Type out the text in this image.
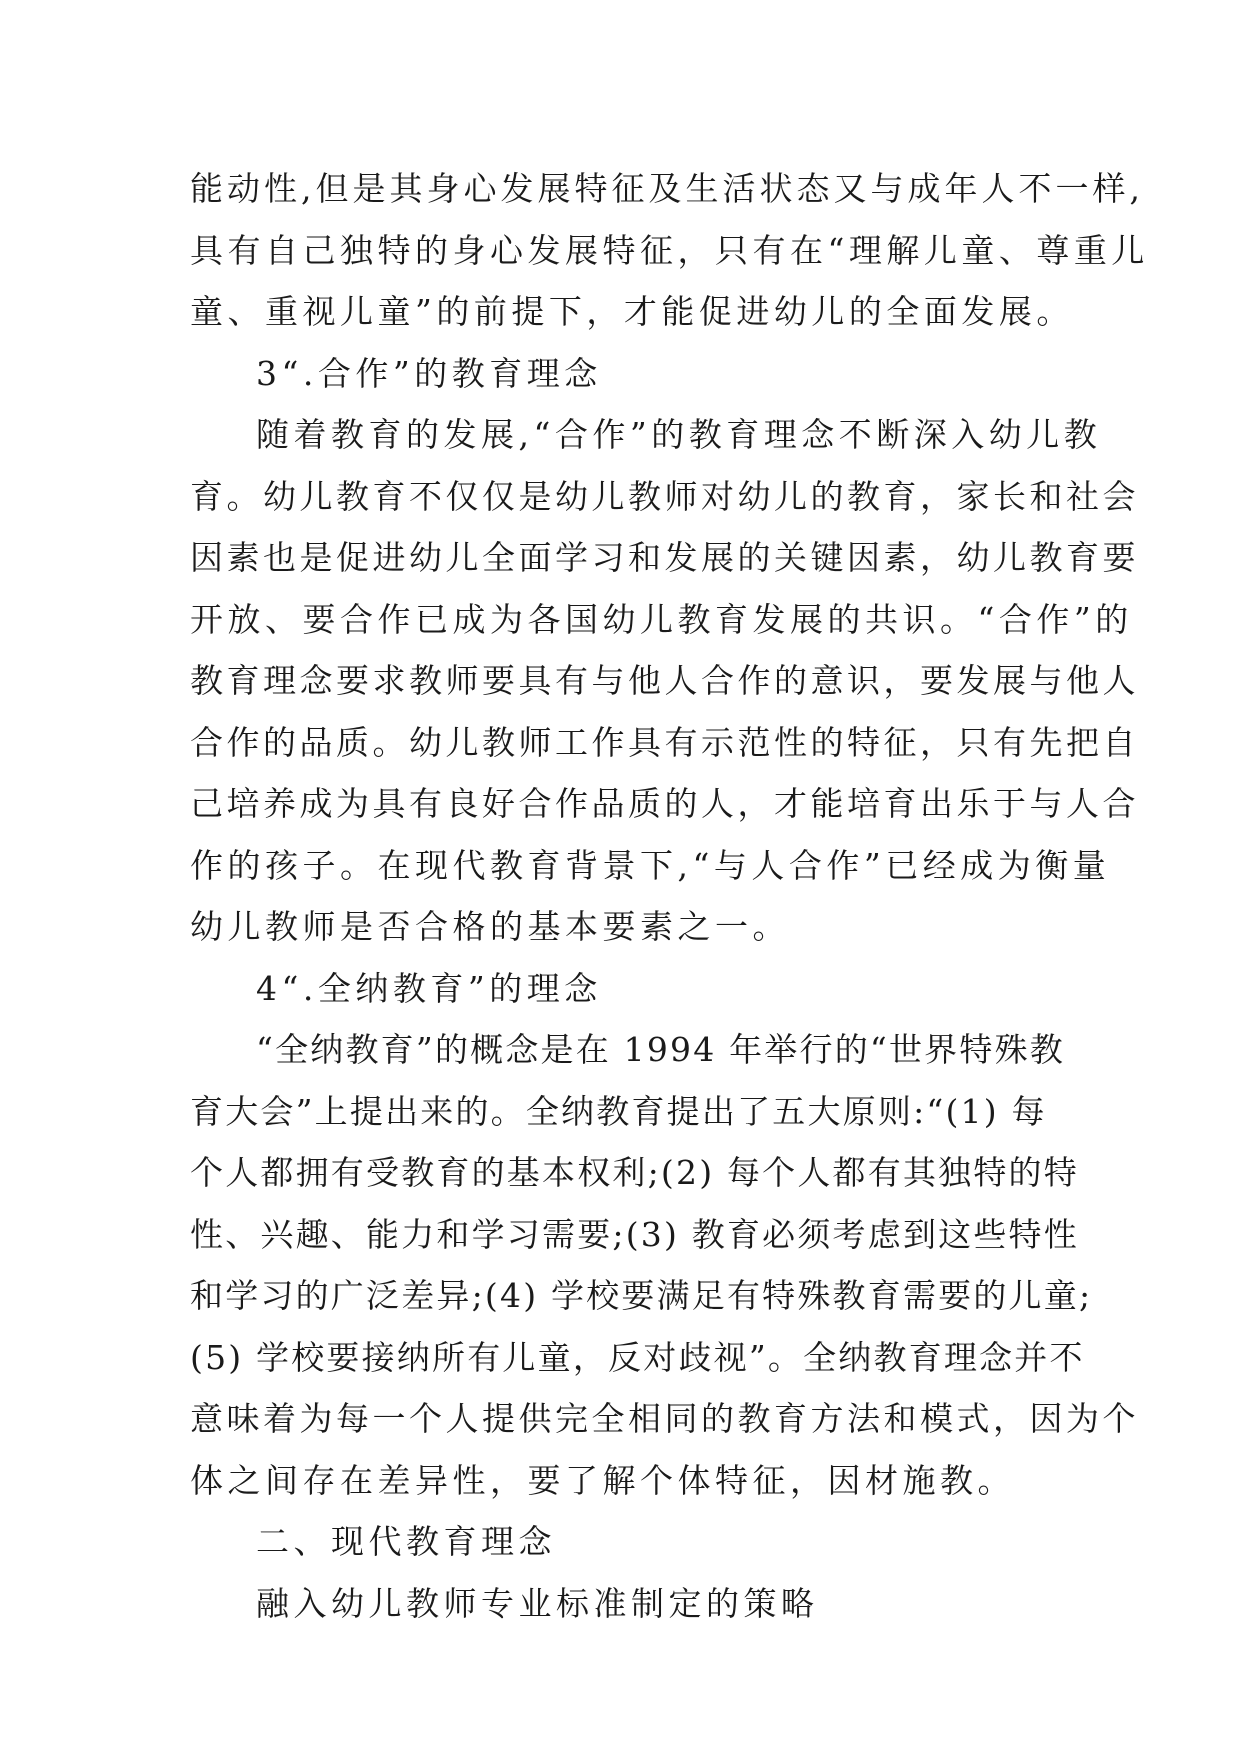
能动性,但是其身心发展特征及生活状态又与成年人不一样,
具有自己独特的身心发展特征，只有在“理解儿童、尊重儿
童、重视儿童”的前提下，才能促进幼儿的全面发展。
3“.合作”的教育理念
随着教育的发展,“合作”的教育理念不断深入幼儿教
育。幼儿教育不仅仅是幼儿教师对幼儿的教育，家长和社会
因素也是促进幼儿全面学习和发展的关键因素，幼儿教育要
开放、要合作已成为各国幼儿教育发展的共识。“合作”的
教育理念要求教师要具有与他人合作的意识，要发展与他人
合作的品质。幼儿教师工作具有示范性的特征，只有先把自
己培养成为具有良好合作品质的人，才能培育出乐于与人合
作的孩子。在现代教育背景下,“与人合作”已经成为衡量
幼儿教师是否合格的基本要素之一。
4“.全纳教育”的理念
“全纳教育”的概念是在 1994 年举行的“世界特殊教
育大会”上提出来的。全纳教育提出了五大原则:“(1) 每
个人都拥有受教育的基本权利;(2) 每个人都有其独特的特
性、兴趣、能力和学习需要;(3) 教育必须考虑到这些特性
和学习的广泛差异;(4) 学校要满足有特殊教育需要的儿童;
(5) 学校要接纳所有儿童，反对歧视”。全纳教育理念并不
意味着为每一个人提供完全相同的教育方法和模式，因为个
体之间存在差异性，要了解个体特征，因材施教。
二、现代教育理念
融入幼儿教师专业标准制定的策略
